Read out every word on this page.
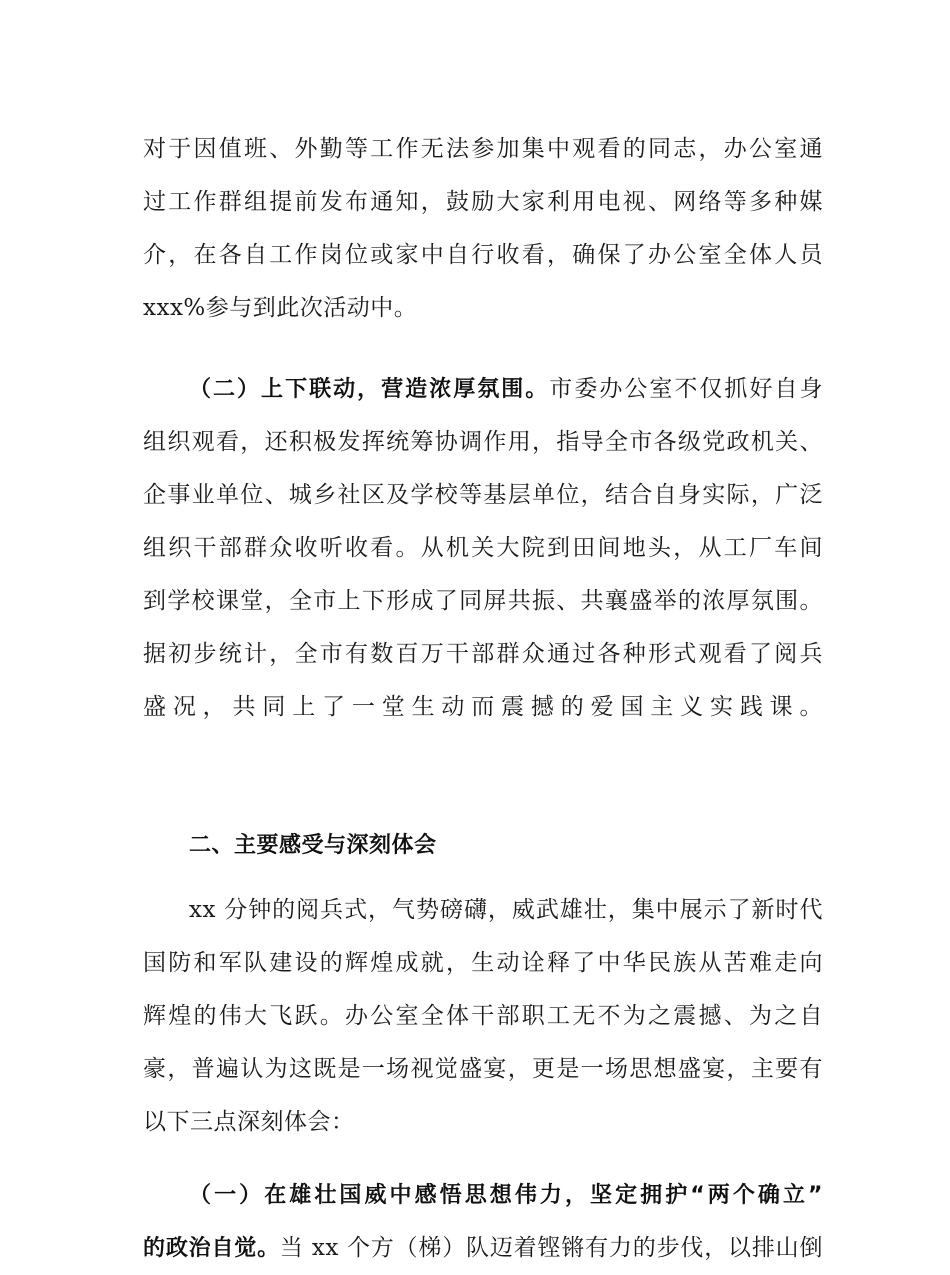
对于因值班、外勤等工作无法参加集中观看的同志，办公室通
过工作群组提前发布通知，鼓励大家利用电视、网络等多种媒
介，在各自工作岗位或家中自行收看，确保了办公室全体人员
xxx%参与到此次活动中。
（二）上下联动，营造浓厚氛围。市委办公室不仅抓好自身
组织观看，还积极发挥统筹协调作用，指导全市各级党政机关、
企事业单位、城乡社区及学校等基层单位，结合自身实际，广泛
组织干部群众收听收看。从机关大院到田间地头，从工厂车间
到学校课堂，全市上下形成了同屏共振、共襄盛举的浓厚氛围。
据初步统计，全市有数百万干部群众通过各种形式观看了阅兵
盛况，共同上了一堂生动而震撼的爱国主义实践课。
二、主要感受与深刻体会
xx 分钟的阅兵式，气势磅礴，威武雄壮，集中展示了新时代
国防和军队建设的辉煌成就，生动诠释了中华民族从苦难走向
辉煌的伟大飞跃。办公室全体干部职工无不为之震撼、为之自
豪，普遍认为这既是一场视觉盛宴，更是一场思想盛宴，主要有
以下三点深刻体会：
（一）在雄壮国威中感悟思想伟力，坚定拥护“两个确立”
的政治自觉。当 xx 个方（梯）队迈着铿锵有力的步伐，以排山倒
